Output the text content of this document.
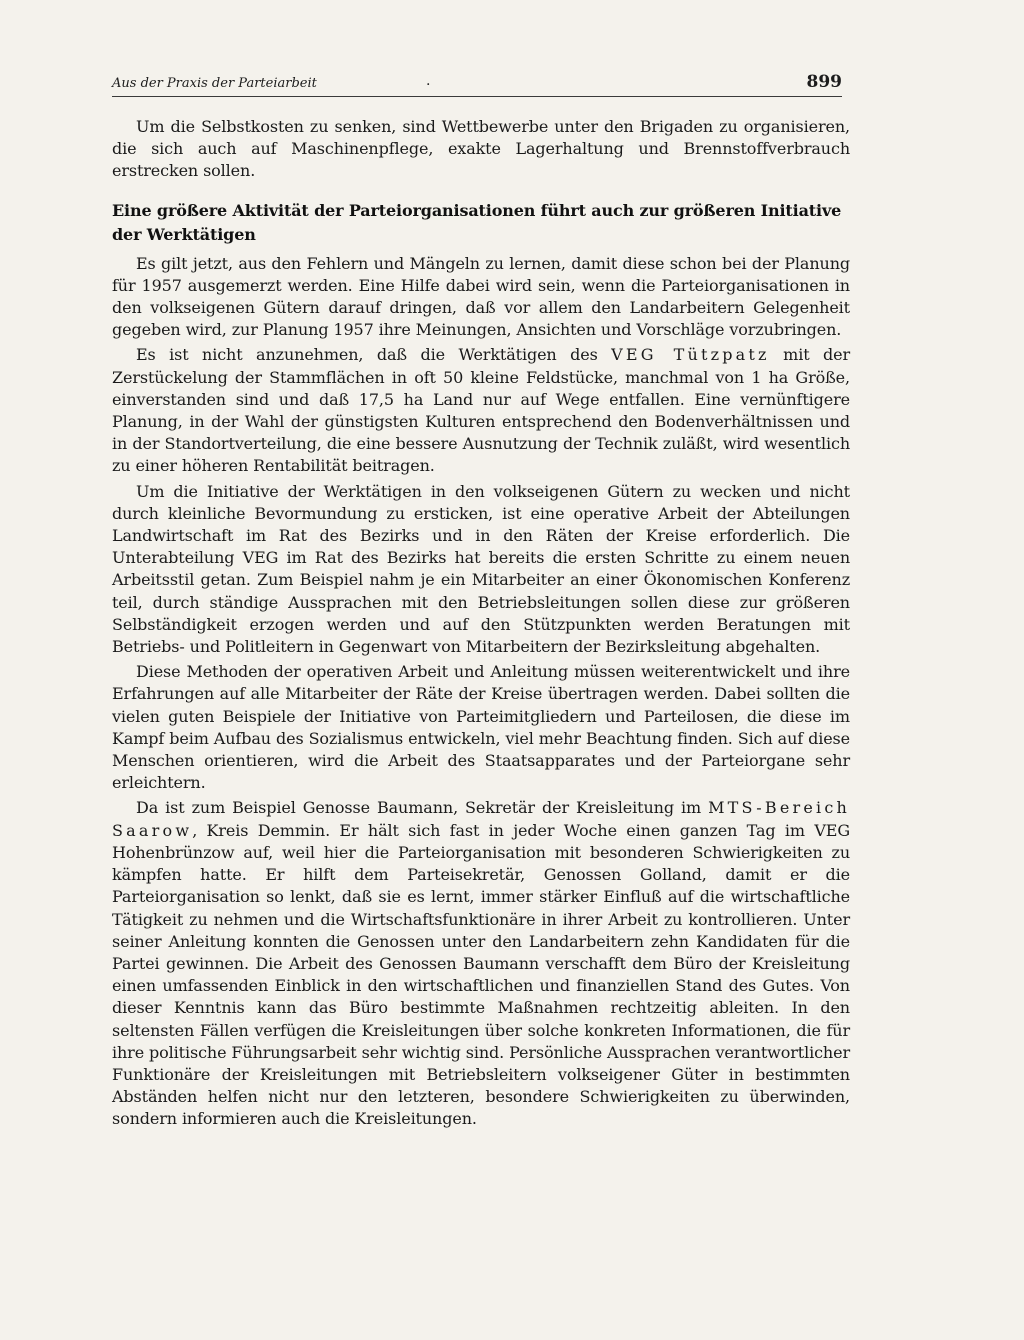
Aus der Praxis der Parteiarbeit	.	899

Um die Selbstkosten zu senken, sind Wettbewerbe unter den Brigaden zu organisieren, die sich auch auf Maschinenpflege, exakte Lagerhaltung und Brennstoffverbrauch erstrecken sollen.

Eine größere Aktivität der Parteiorganisationen führt auch zur größeren Initiative der Werktätigen

Es gilt jetzt, aus den Fehlern und Mängeln zu lernen, damit diese schon bei der Planung für 1957 ausgemerzt werden. Eine Hilfe dabei wird sein, wenn die Parteiorganisationen in den volkseigenen Gütern darauf dringen, daß vor allem den Landarbeitern Gelegenheit gegeben wird, zur Planung 1957 ihre Meinungen, Ansichten und Vorschläge vorzubringen.

Es ist nicht anzunehmen, daß die Werktätigen des VEG Tützpatz mit der Zerstückelung der Stammflächen in oft 50 kleine Feldstücke, manchmal von 1 ha Größe, einverstanden sind und daß 17,5 ha Land nur auf Wege entfallen. Eine vernünftigere Planung, in der Wahl der günstigsten Kulturen entsprechend den Bodenverhältnissen und in der Standortverteilung, die eine bessere Ausnutzung der Technik zuläßt, wird wesentlich zu einer höheren Rentabilität beitragen.

Um die Initiative der Werktätigen in den volkseigenen Gütern zu wecken und nicht durch kleinliche Bevormundung zu ersticken, ist eine operative Arbeit der Abteilungen Landwirtschaft im Rat des Bezirks und in den Räten der Kreise erforderlich. Die Unterabteilung VEG im Rat des Bezirks hat bereits die ersten Schritte zu einem neuen Arbeitsstil getan. Zum Beispiel nahm je ein Mitarbeiter an einer Ökonomischen Konferenz teil, durch ständige Aussprachen mit den Betriebsleitungen sollen diese zur größeren Selbständigkeit erzogen werden und auf den Stützpunkten werden Beratungen mit Betriebs- und Politleitern in Gegenwart von Mitarbeitern der Bezirksleitung abgehalten.

Diese Methoden der operativen Arbeit und Anleitung müssen weiterentwickelt und ihre Erfahrungen auf alle Mitarbeiter der Räte der Kreise übertragen werden. Dabei sollten die vielen guten Beispiele der Initiative von Parteimitgliedern und Parteilosen, die diese im Kampf beim Aufbau des Sozialismus entwickeln, viel mehr Beachtung finden. Sich auf diese Menschen orientieren, wird die Arbeit des Staatsapparates und der Parteiorgane sehr erleichtern.

Da ist zum Beispiel Genosse Baumann, Sekretär der Kreisleitung im MTS-Bereich Saarow, Kreis Demmin. Er hält sich fast in jeder Woche einen ganzen Tag im VEG Hohenbrünzow auf, weil hier die Parteiorganisation mit besonderen Schwierigkeiten zu kämpfen hatte. Er hilft dem Parteisekretär, Genossen Golland, damit er die Parteiorganisation so lenkt, daß sie es lernt, immer stärker Einfluß auf die wirtschaftliche Tätigkeit zu nehmen und die Wirtschaftsfunktionäre in ihrer Arbeit zu kontrollieren. Unter seiner Anleitung konnten die Genossen unter den Landarbeitern zehn Kandidaten für die Partei gewinnen. Die Arbeit des Genossen Baumann verschafft dem Büro der Kreisleitung einen umfassenden Einblick in den wirtschaftlichen und finanziellen Stand des Gutes. Von dieser Kenntnis kann das Büro bestimmte Maßnahmen rechtzeitig ableiten. In den seltensten Fällen verfügen die Kreisleitungen über solche konkreten Informationen, die für ihre politische Führungsarbeit sehr wichtig sind. Persönliche Aussprachen verantwortlicher Funktionäre der Kreisleitungen mit Betriebsleitern volkseigener Güter in bestimmten Abständen helfen nicht nur den letzteren, besondere Schwierigkeiten zu überwinden, sondern informieren auch die Kreisleitungen.
